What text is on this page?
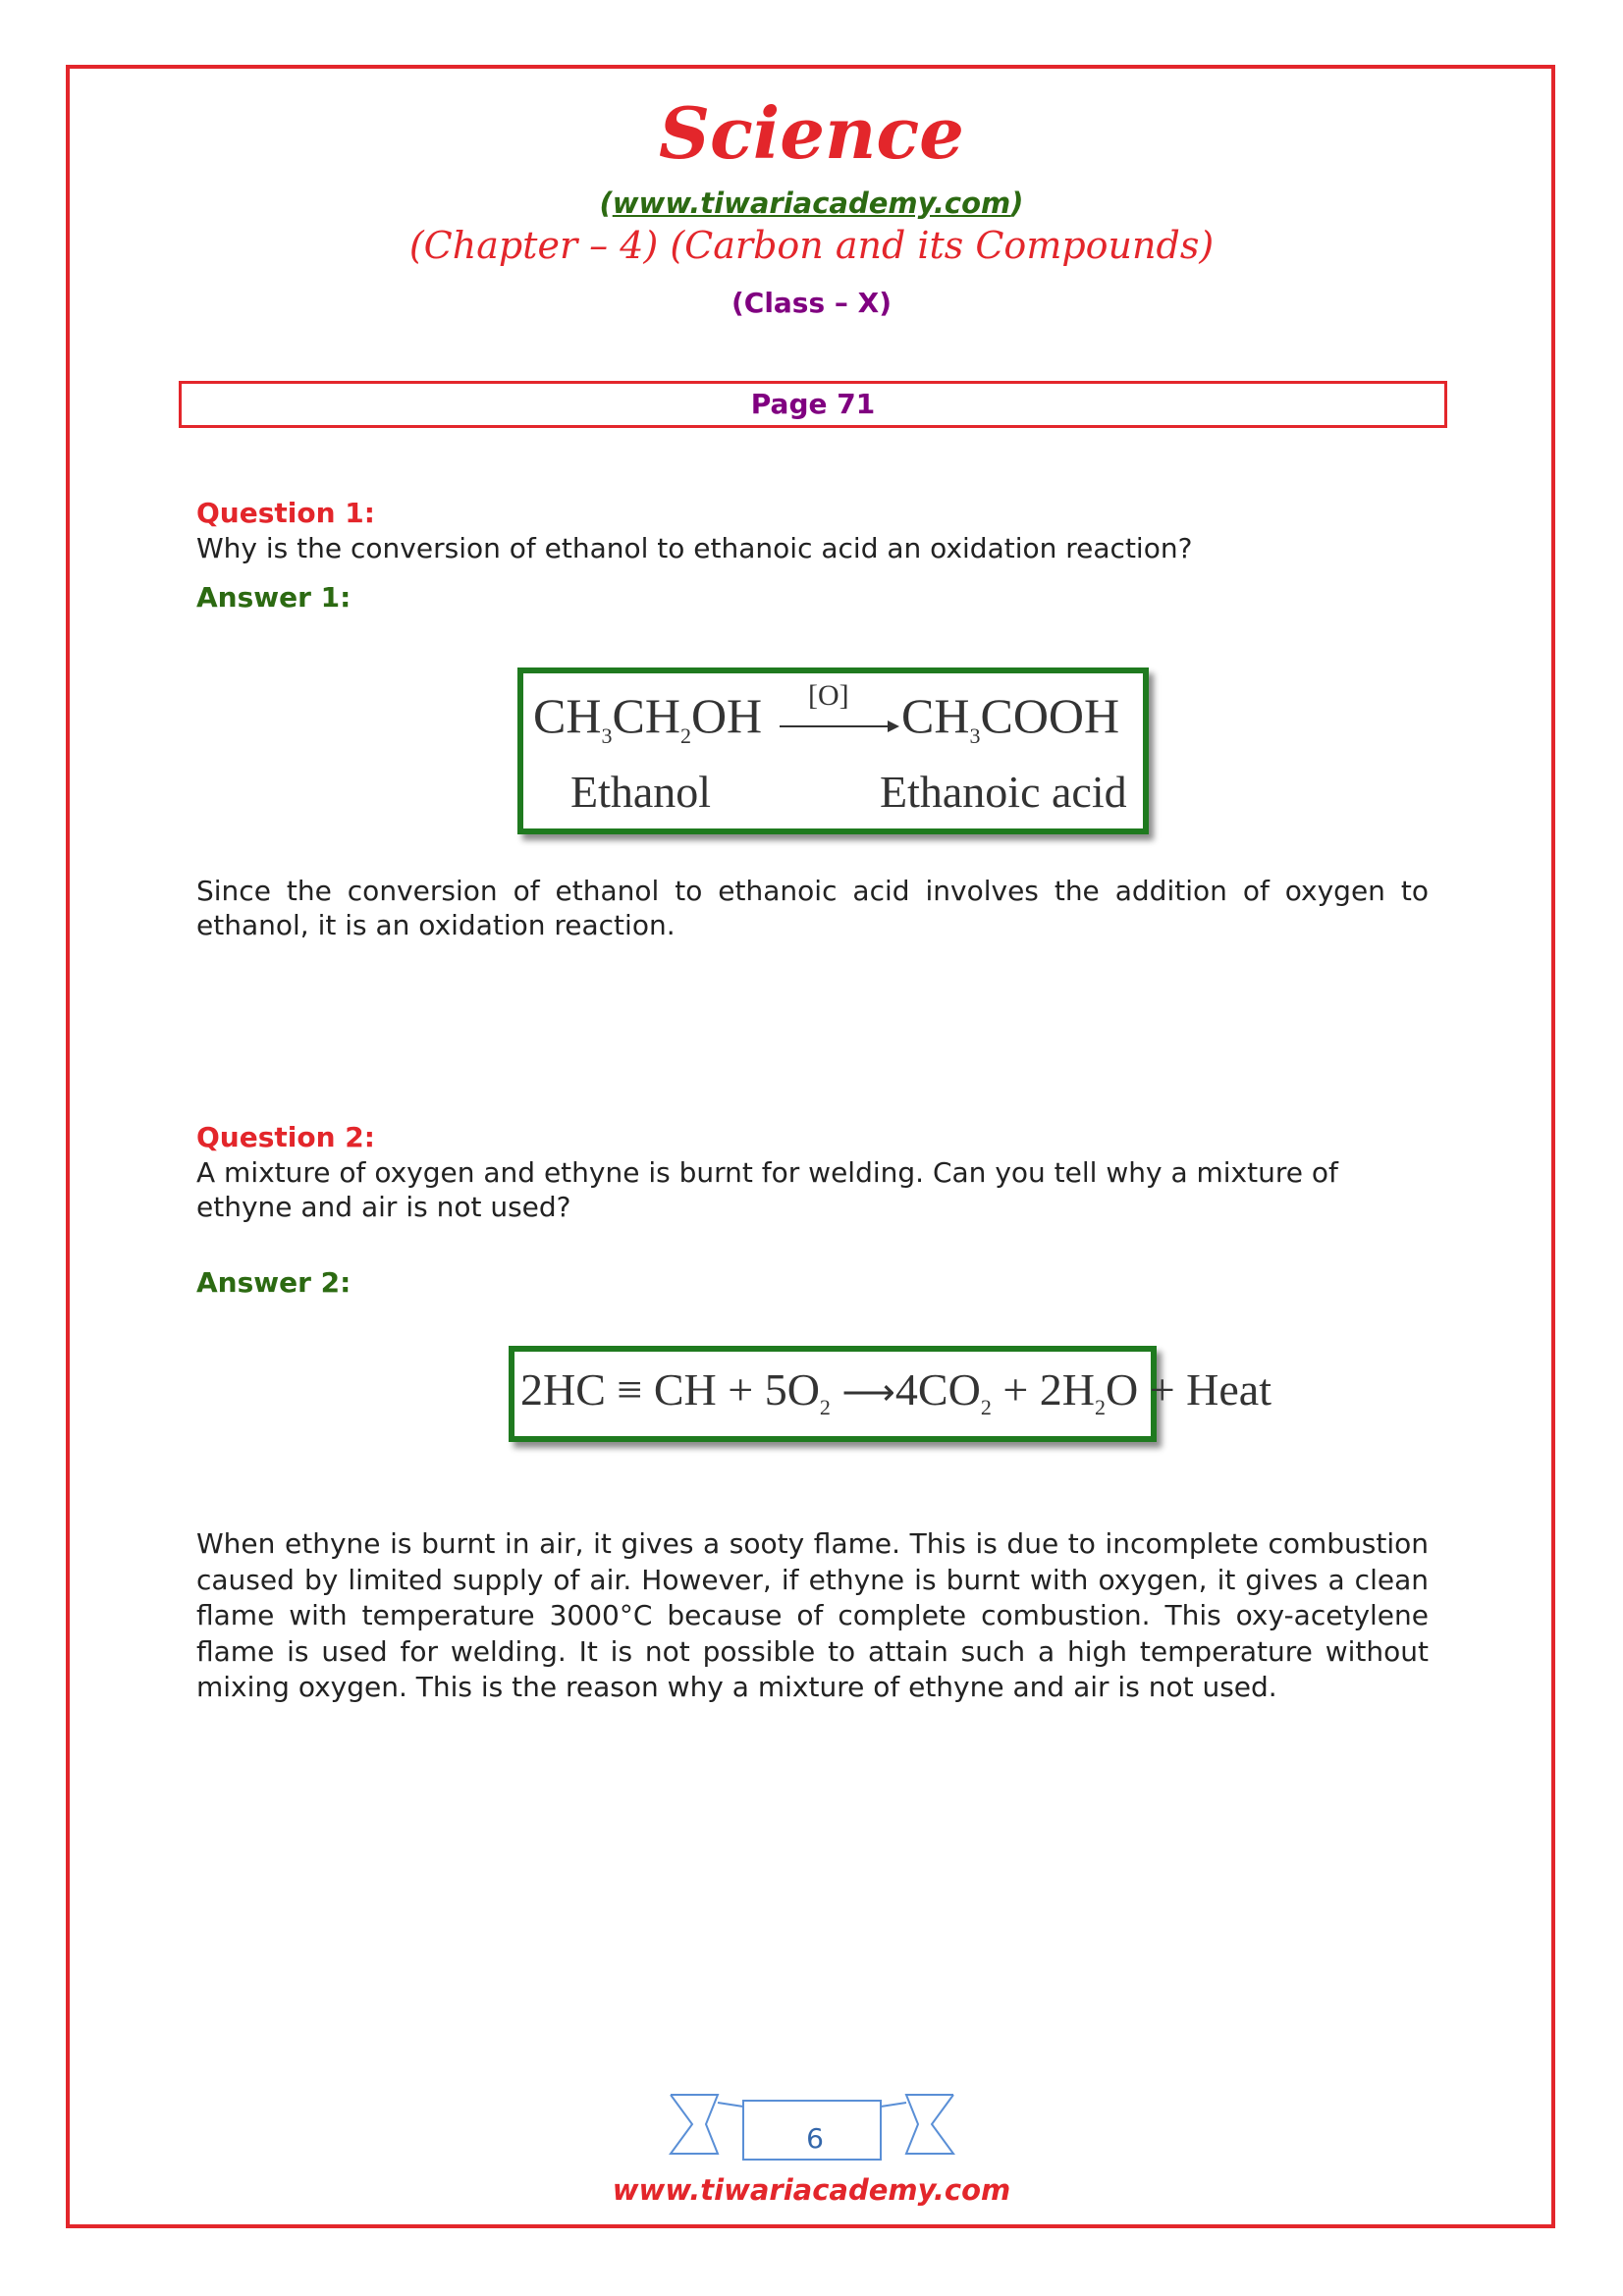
Science
(www.tiwariacademy.com)
(Chapter – 4) (Carbon and its Compounds)
(Class – X)
Page 71
Question 1:
Why is the conversion of ethanol to ethanoic acid an oxidation reaction?
Answer 1:
$CH_3CH_2OH$ [O] $CH_3COOH$
Ethanol	Ethanoic acid
Since the conversion of ethanol to ethanoic acid involves the addition of oxygen to ethanol, it is an oxidation reaction.
Question 2:
A mixture of oxygen and ethyne is burnt for welding. Can you tell why a mixture of ethyne and air is not used?
Answer 2:
2HC ≡ CH + $5O_2$ $⟶4CO_2 + 2H_2O$ + Heat
When ethyne is burnt in air, it gives a sooty flame. This is due to incomplete combustion caused by limited supply of air. However, if ethyne is burnt with oxygen, it gives a clean flame with temperature 3000°C because of complete combustion. This oxy-acetylene flame is used for welding. It is not possible to attain such a high temperature without mixing oxygen. This is the reason why a mixture of ethyne and air is not used.
6
www.tiwariacademy.com
